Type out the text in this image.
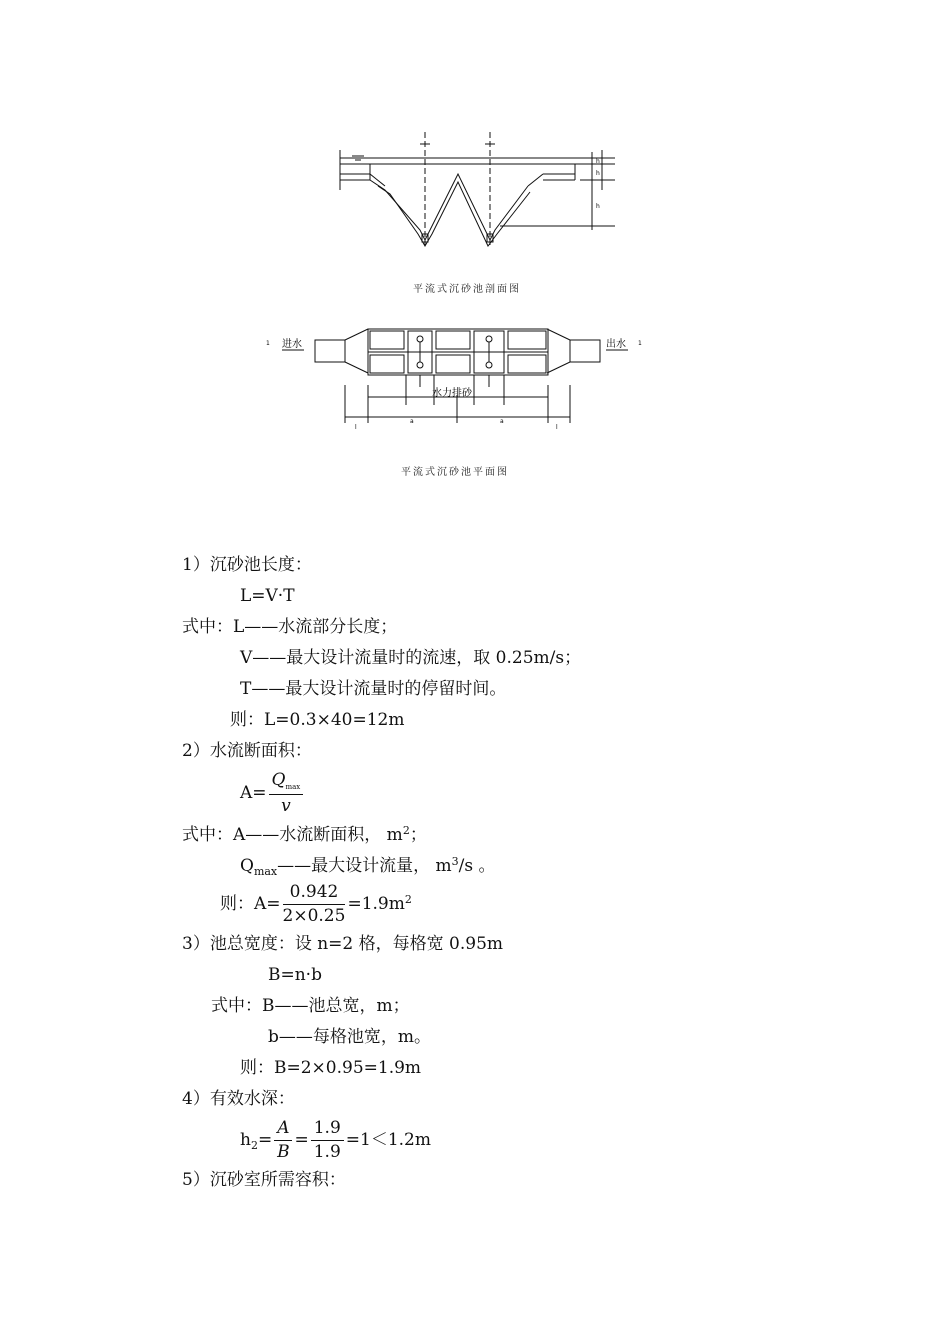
h
h
h
平流式沉砂池剖面图
进水	出水
1	1
水力排砂
a	a
l	l
平流式沉砂池平面图
1）沉砂池长度：
L=V·T
式中：L——水流部分长度；
V——最大设计流量时的流速，取 0.25m/s；
T——最大设计流量时的停留时间。
则：L=0.3×40=12m
2）水流断面积：
$A= \frac{Q_{max}}{v}$
式中：A——水流断面积， $m^2$；
$Q_{max}——$最大设计流量， $m^3/s$ 。
则：$A= \frac{0.942}{2\times 0.25} =1.9m^2$
3）池总宽度：设 n=2 格，每格宽 0.95m
B=n·b
式中：B——池总宽，m；
b——每格池宽，m。
则：B=2×0.95=1.9m
4）有效水深：
$h_2= \frac{A}{B} = \frac{1.9}{1.9} =1<1.2m$
5）沉砂室所需容积：
